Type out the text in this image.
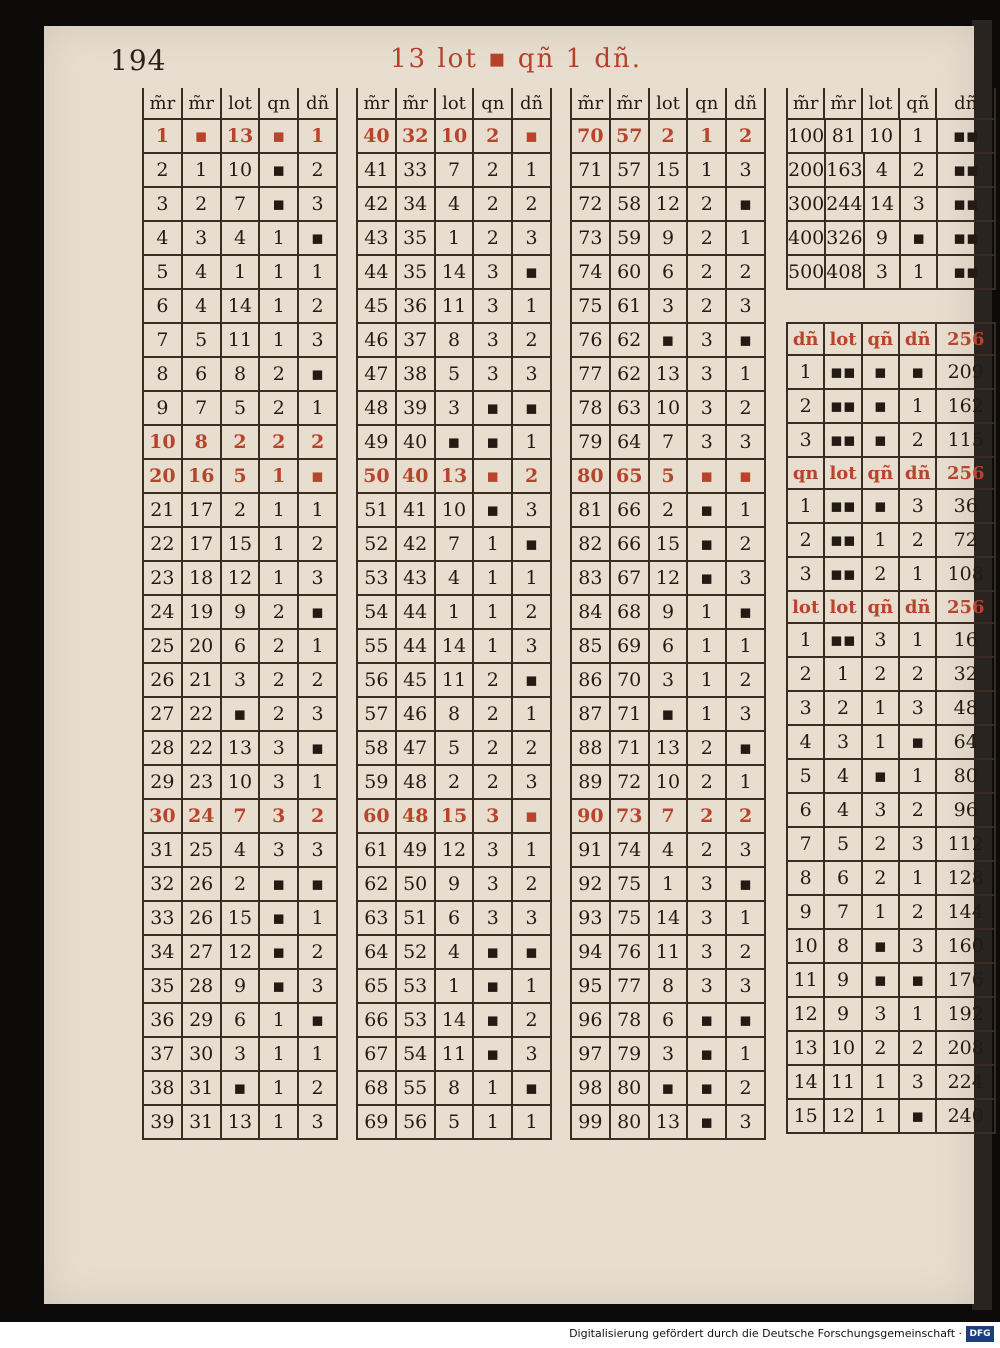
194	13 lot ▪ qñ 1 dñ.
m̃r m̃r lot qn dñ
1	▪	13	▪	1
2	1	10	▪	2
3	2	7	▪	3
4	3	4	1	▪
5	4	1	1	1
6	4	14	1	2
7	5	11	1	3
8	6	8	2	▪
9	7	5	2	1
10 8	2	2	2
20 16 5	1	▪
21 17	2	1	1
22 17 15	1	2
23 18 12	1	3
24 19	9	2	▪
25 20	6	2	1
26 21	3	2	2
27 22	▪	2	3
28 22 13	3	▪
29 23 10	3	1
30 24 7	3	2
31 25	4	3	3
32 26	2	▪	▪
33 26 15	▪	1
34 27 12	▪	2
35 28	9	▪	3
36 29	6	1	▪
37 30	3	1	1
38 31	▪	1	2
39 31 13	1	3
m̃r m̃r lot qn dñ
40 32 10 2	▪
41 33	7	2	1
42 34	4	2	2
43 35	1	2	3
44 35 14	3	▪
45 36 11	3	1
46 37	8	3	2
47 38	5	3	3
48 39	3	▪	▪
49 40	▪	▪	1
50 40 13	▪	2
51 41 10	▪	3
52 42	7	1	▪
53 43	4	1	1
54 44	1	1	2
55 44 14	1	3
56 45 11	2	▪
57 46	8	2	1
58 47	5	2	2
59 48	2	2	3
60 48 15 3	▪
61 49 12	3	1
62 50	9	3	2
63 51	6	3	3
64 52	4	▪	▪
65 53	1	▪	1
66 53 14	▪	2
67 54 11	▪	3
68 55	8	1	▪
69 56	5	1	1
m̃r m̃r lot qn dñ
70 57 2	1	2
71 57 15	1	3
72 58 12	2	▪
73 59	9	2	1
74 60	6	2	2
75 61	3	2	3
76 62	▪	3	▪
77 62 13	3	1
78 63 10	3	2
79 64	7	3	3
80 65 5	▪	▪
81 66	2	▪	1
82 66 15	▪	2
83 67 12	▪	3
84 68	9	1	▪
85 69	6	1	1
86 70	3	1	2
87 71	▪	1	3
88 71 13	2	▪
89 72 10	2	1
90 73 7	2	2
91 74	4	2	3
92 75	1	3	▪
93 75 14	3	1
94 76 11	3	2
95 77	8	3	3
96 78	6	▪	▪
97 79	3	▪	1
98 80	▪	▪	2
99 80 13	▪	3
m̃r m̃r lot qñ	dñ
100 81 10	1	▪▪
200 163 4	2	▪▪
300 244 14 3	▪▪
400 326 9	▪	▪▪
500 408 3	1	▪▪
dñ lot qñ dñ 256
1 ▪▪ ▪	▪	209
2 ▪▪ ▪	1	162
3 ▪▪ ▪	2	115
qn lot qñ dñ 256
1 ▪▪ ▪	3	36
2 ▪▪ 1	2	72
3 ▪▪ 2	1	108
lot lot qñ dñ 256
1 ▪▪ 3	1	16
2	1	2	2	32
3	2	1	3	48
4	3	1	▪	64
5	4	▪	1	80
6	4	3	2	96
7	5	2	3	112
8	6	2	1	128
9	7	1	2	144
10	8	▪	3	160
11	9	▪	▪	176
12	9	3	1	192
13 10	2	2	208
14 11	1	3	224
15 12	1	▪	240
Digitalisierung gefördert durch die Deutsche Forschungsgemeinschaft · DFG
